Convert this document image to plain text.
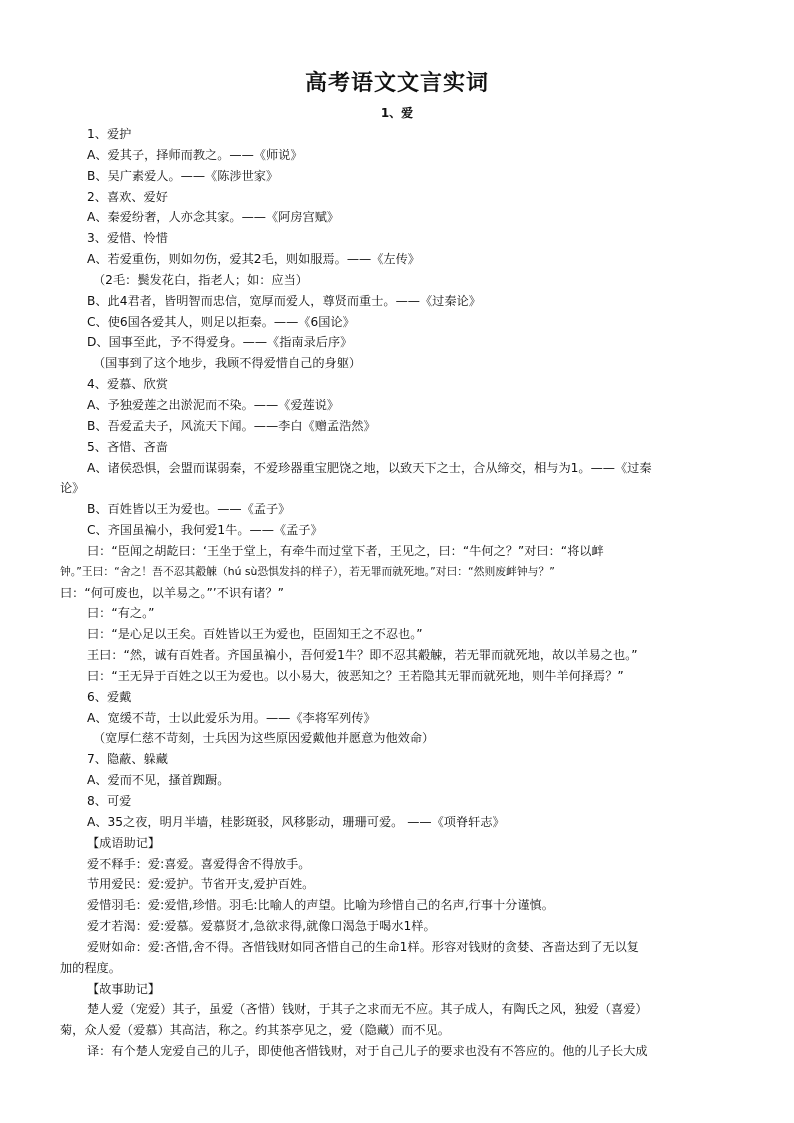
高考语文文言实词
1、爱
1、爱护
A、爱其子，择师而教之。——《师说》
B、吴广素爱人。——《陈涉世家》
2、喜欢、爱好
A、秦爱纷奢，人亦念其家。——《阿房宫赋》
3、爱惜、怜惜
A、若爱重伤，则如勿伤，爱其2毛，则如服焉。——《左传》
（2毛：鬓发花白，指老人；如：应当）
B、此4君者，皆明智而忠信，宽厚而爱人，尊贤而重士。——《过秦论》
C、使6国各爱其人，则足以拒秦。——《6国论》
D、国事至此，予不得爱身。——《指南录后序》
（国事到了这个地步，我顾不得爱惜自己的身躯）
4、爱慕、欣赏
A、予独爱莲之出淤泥而不染。——《爱莲说》
B、吾爱孟夫子，风流天下闻。——李白《赠孟浩然》
5、吝惜、吝啬
A、诸侯恐惧，会盟而谋弱秦，不爱珍器重宝肥饶之地，以致天下之士，合从缔交，相与为1。——《过秦
论》
B、百姓皆以王为爱也。——《孟子》
C、齐国虽褊小，我何爱1牛。——《孟子》
曰：“臣闻之胡龁曰：‘王坐于堂上，有牵牛而过堂下者，王见之，曰：“牛何之？”对曰：“将以衅
钟。”王曰：“舍之！吾不忍其觳觫（hú sù恐惧发抖的样子），若无罪而就死地。”对曰：“然则废衅钟与？”
曰：“何可废也，以羊易之。”’不识有诸？”
曰：“有之。”
曰：“是心足以王矣。百姓皆以王为爱也，臣固知王之不忍也。”
王曰：“然，诚有百姓者。齐国虽褊小，吾何爱1牛？即不忍其觳觫，若无罪而就死地，故以羊易之也。”
曰：“王无异于百姓之以王为爱也。以小易大，彼恶知之？王若隐其无罪而就死地，则牛羊何择焉？”
6、爱戴
A、宽缓不苛，士以此爱乐为用。——《李将军列传》
（宽厚仁慈不苛刻，士兵因为这些原因爱戴他并愿意为他效命）
7、隐蔽、躲藏
A、爱而不见，搔首踟蹰。
8、可爱
A、35之夜，明月半墙，桂影斑驳，风移影动，珊珊可爱。 ——《项脊轩志》
【成语助记】
爱不释手：爱:喜爱。喜爱得舍不得放手。
节用爱民：爱:爱护。节省开支,爱护百姓。
爱惜羽毛：爱:爱惜,珍惜。羽毛:比喻人的声望。比喻为珍惜自己的名声,行事十分谨慎。
爱才若渴：爱:爱慕。爱慕贤才,急欲求得,就像口渴急于喝水1样。
爱财如命：爱:吝惜,舍不得。吝惜钱财如同吝惜自己的生命1样。形容对钱财的贪婪、吝啬达到了无以复
加的程度。
【故事助记】
楚人爱（宠爱）其子，虽爱（吝惜）钱财，于其子之求而无不应。其子成人，有陶氏之风，独爱（喜爱）
菊，众人爱（爱慕）其高洁，称之。约其茶亭见之，爱（隐藏）而不见。
译：有个楚人宠爱自己的儿子，即使他吝惜钱财，对于自己儿子的要求也没有不答应的。他的儿子长大成
